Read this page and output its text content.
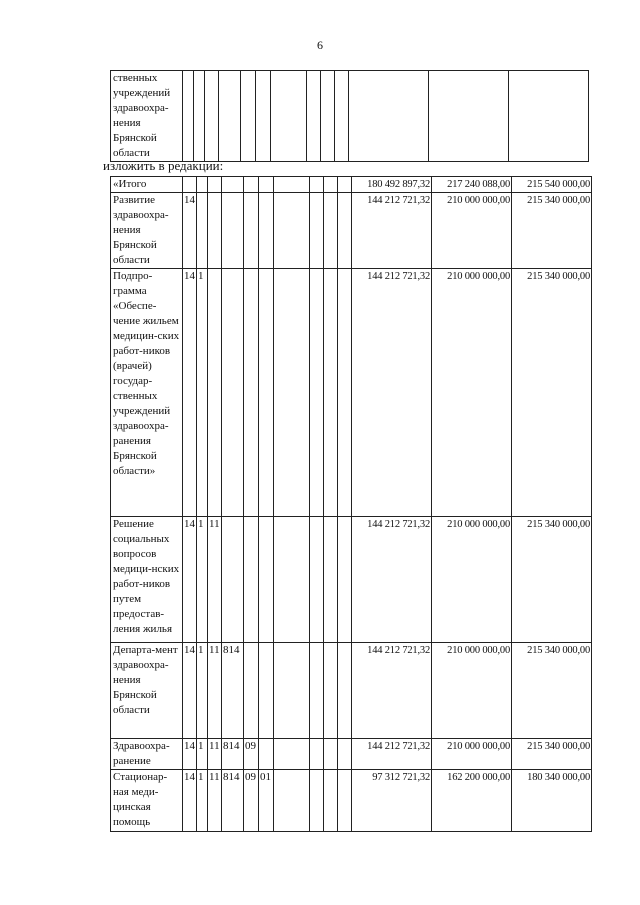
6
ственных учреждений здравоохра-нения Брянской области													
изложить в редакции:
«Итого											180 492 897,32	217 240 088,00	215 540 000,00
Развитие здравоохра-нения Брянской области	14										144 212 721,32	210 000 000,00	215 340 000,00
Подпро-грамма «Обеспе-чение жильем медицин-ских работ-ников (врачей) государ-ственных учреждений здравоохра-ранения Брянской области»	14	1									144 212 721,32	210 000 000,00	215 340 000,00
Решение социальных вопросов медици-нских работ-ников путем предостав-ления жилья	14	1	11								144 212 721,32	210 000 000,00	215 340 000,00
Департа-мент здравоохра-нения Брянской области	14	1	11	814							144 212 721,32	210 000 000,00	215 340 000,00
Здравоохра-ранение	14	1	11	814	09						144 212 721,32	210 000 000,00	215 340 000,00
Стационар-ная меди-цинская помощь	14	1	11	814	09	01					97 312 721,32	162 200 000,00	180 340 000,00
